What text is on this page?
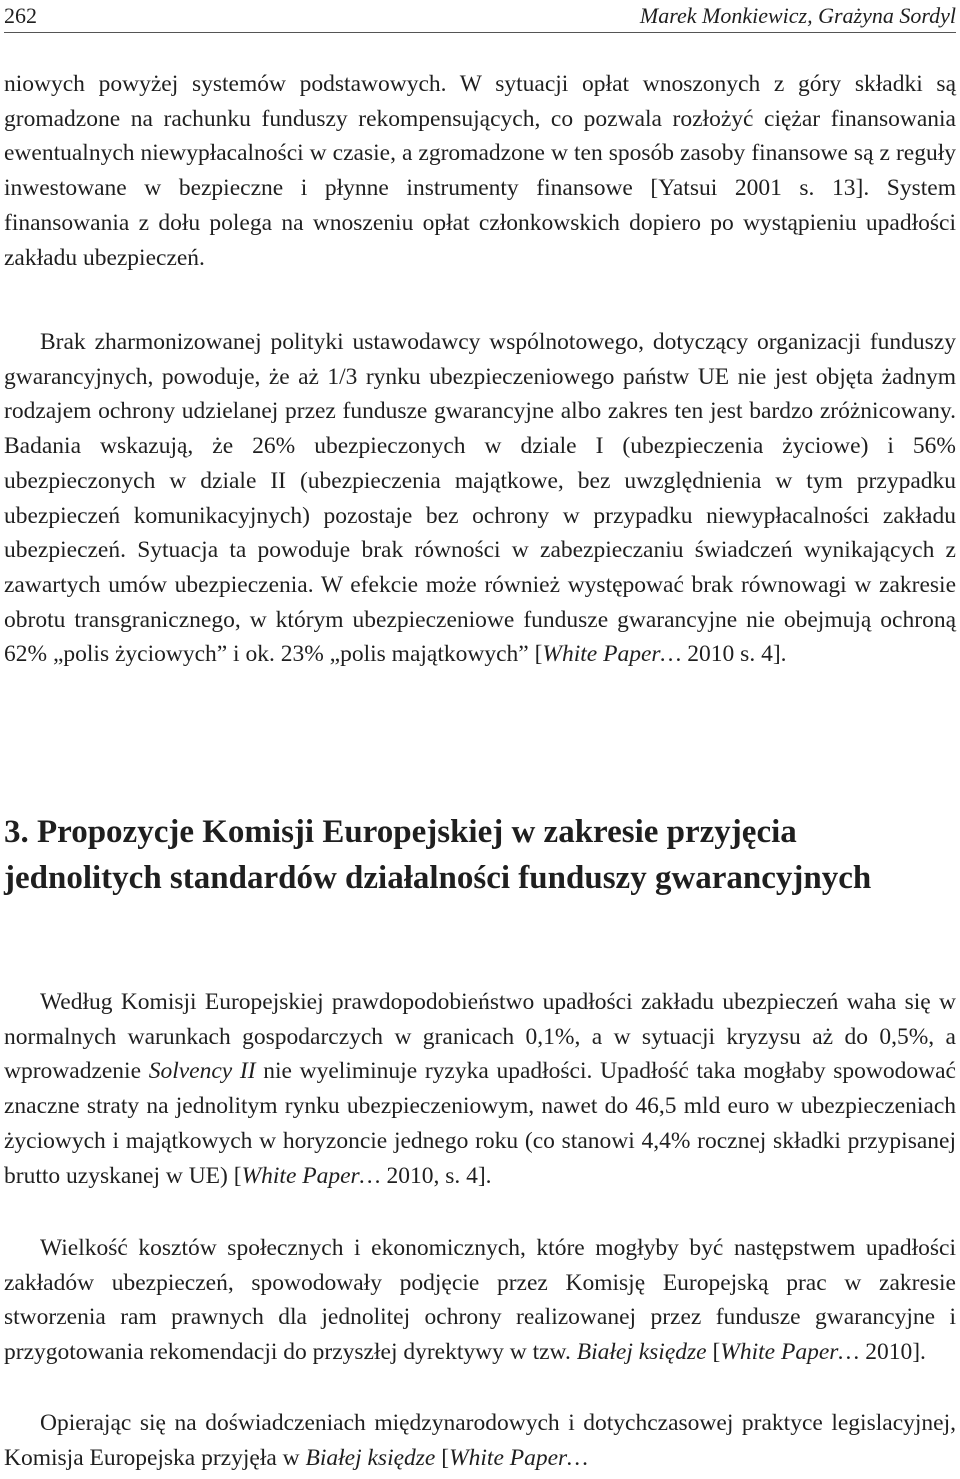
262	Marek Monkiewicz, Grażyna Sordyl

niowych powyżej systemów podstawowych. W sytuacji opłat wnoszonych z góry składki są gromadzone na rachunku funduszy rekompensujących, co pozwala rozłożyć ciężar finansowania ewentualnych niewypłacalności w czasie, a zgromadzone w ten sposób zasoby finansowe są z reguły inwestowane w bezpieczne i płynne instrumenty finansowe [Yatsui 2001 s. 13]. System finansowania z dołu polega na wnoszeniu opłat członkowskich dopiero po wystąpieniu upadłości zakładu ubezpieczeń.

Brak zharmonizowanej polityki ustawodawcy wspólnotowego, dotyczący organizacji funduszy gwarancyjnych, powoduje, że aż 1/3 rynku ubezpieczeniowego państw UE nie jest objęta żadnym rodzajem ochrony udzielanej przez fundusze gwarancyjne albo zakres ten jest bardzo zróżnicowany. Badania wskazują, że 26% ubezpieczonych w dziale I (ubezpieczenia życiowe) i 56% ubezpieczonych w dziale II (ubezpieczenia majątkowe, bez uwzględnienia w tym przypadku ubezpieczeń komunikacyjnych) pozostaje bez ochrony w przypadku niewypłacalności zakładu ubezpieczeń. Sytuacja ta powoduje brak równości w zabezpieczaniu świadczeń wynikających z zawartych umów ubezpieczenia. W efekcie może również występować brak równowagi w zakresie obrotu transgranicznego, w którym ubezpieczeniowe fundusze gwarancyjne nie obejmują ochroną 62% „polis życiowych” i ok. 23% „polis majątkowych” [White Paper… 2010 s. 4].

3. Propozycje Komisji Europejskiej w zakresie przyjęcia jednolitych standardów działalności funduszy gwarancyjnych

Według Komisji Europejskiej prawdopodobieństwo upadłości zakładu ubezpieczeń waha się w normalnych warunkach gospodarczych w granicach 0,1%, a w sytuacji kryzysu aż do 0,5%, a wprowadzenie Solvency II nie wyeliminuje ryzyka upadłości. Upadłość taka mogłaby spowodować znaczne straty na jednolitym rynku ubezpieczeniowym, nawet do 46,5 mld euro w ubezpieczeniach życiowych i majątkowych w horyzoncie jednego roku (co stanowi 4,4% rocznej składki przypisanej brutto uzyskanej w UE) [White Paper… 2010, s. 4].

Wielkość kosztów społecznych i ekonomicznych, które mogłyby być następstwem upadłości zakładów ubezpieczeń, spowodowały podjęcie przez Komisję Europejską prac w zakresie stworzenia ram prawnych dla jednolitej ochrony realizowanej przez fundusze gwarancyjne i przygotowania rekomendacji do przyszłej dyrektywy w tzw. Białej księdze [White Paper… 2010].

Opierając się na doświadczeniach międzynarodowych i dotychczasowej praktyce legislacyjnej, Komisja Europejska przyjęła w Białej księdze [White Paper…
